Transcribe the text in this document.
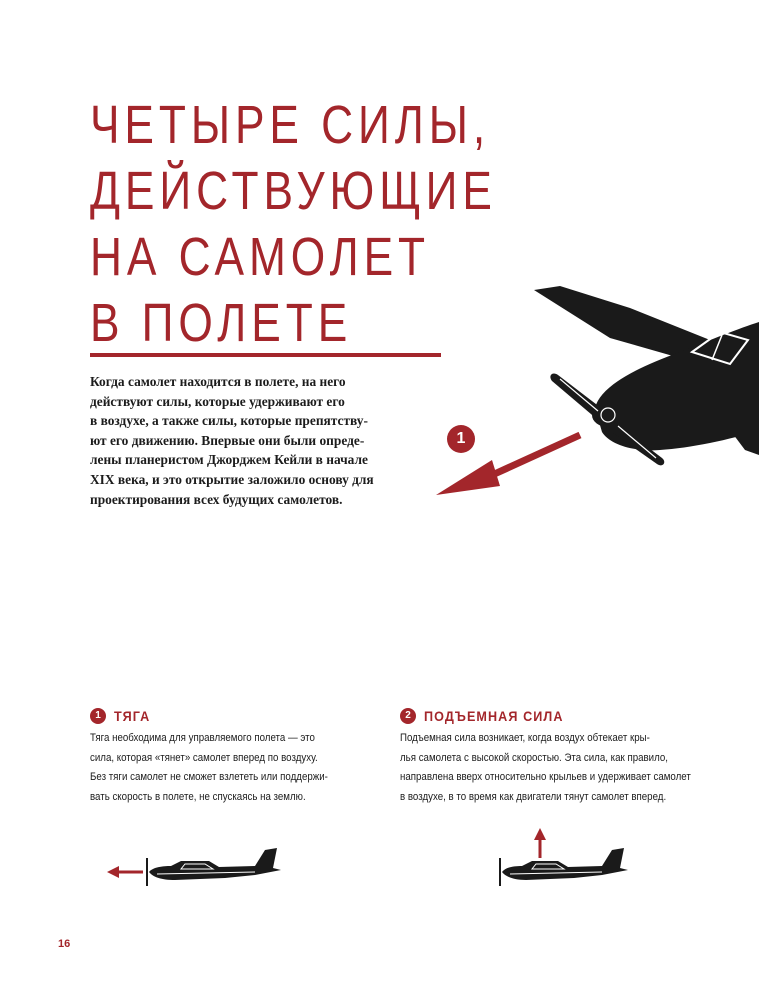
ЧЕТЫРЕ СИЛЫ,
ДЕЙСТВУЮЩИЕ
НА САМОЛЕТ
В ПОЛЕТЕ

Когда самолет находится в полете, на него
действуют силы, которые удерживают его
в воздухе, а также силы, которые препятству-
ют его движению. Впервые они были опреде-
лены планеристом Джорджем Кейли в начале
XIX века, и это открытие заложило основу для
проектирования всех будущих самолетов.

1
1 ТЯГА

Тяга необходима для управляемого полета — это
сила, которая «тянет» самолет вперед по воздуху.
Без тяги самолет не сможет взлететь или поддержи-
вать скорость в полете, не спускаясь на землю.

2 ПОДЪЕМНАЯ СИЛА

Подъемная сила возникает, когда воздух обтекает кры-
лья самолета с высокой скоростью. Эта сила, как правило,
направлена вверх относительно крыльев и удерживает самолет
в воздухе, в то время как двигатели тянут самолет вперед.

16
